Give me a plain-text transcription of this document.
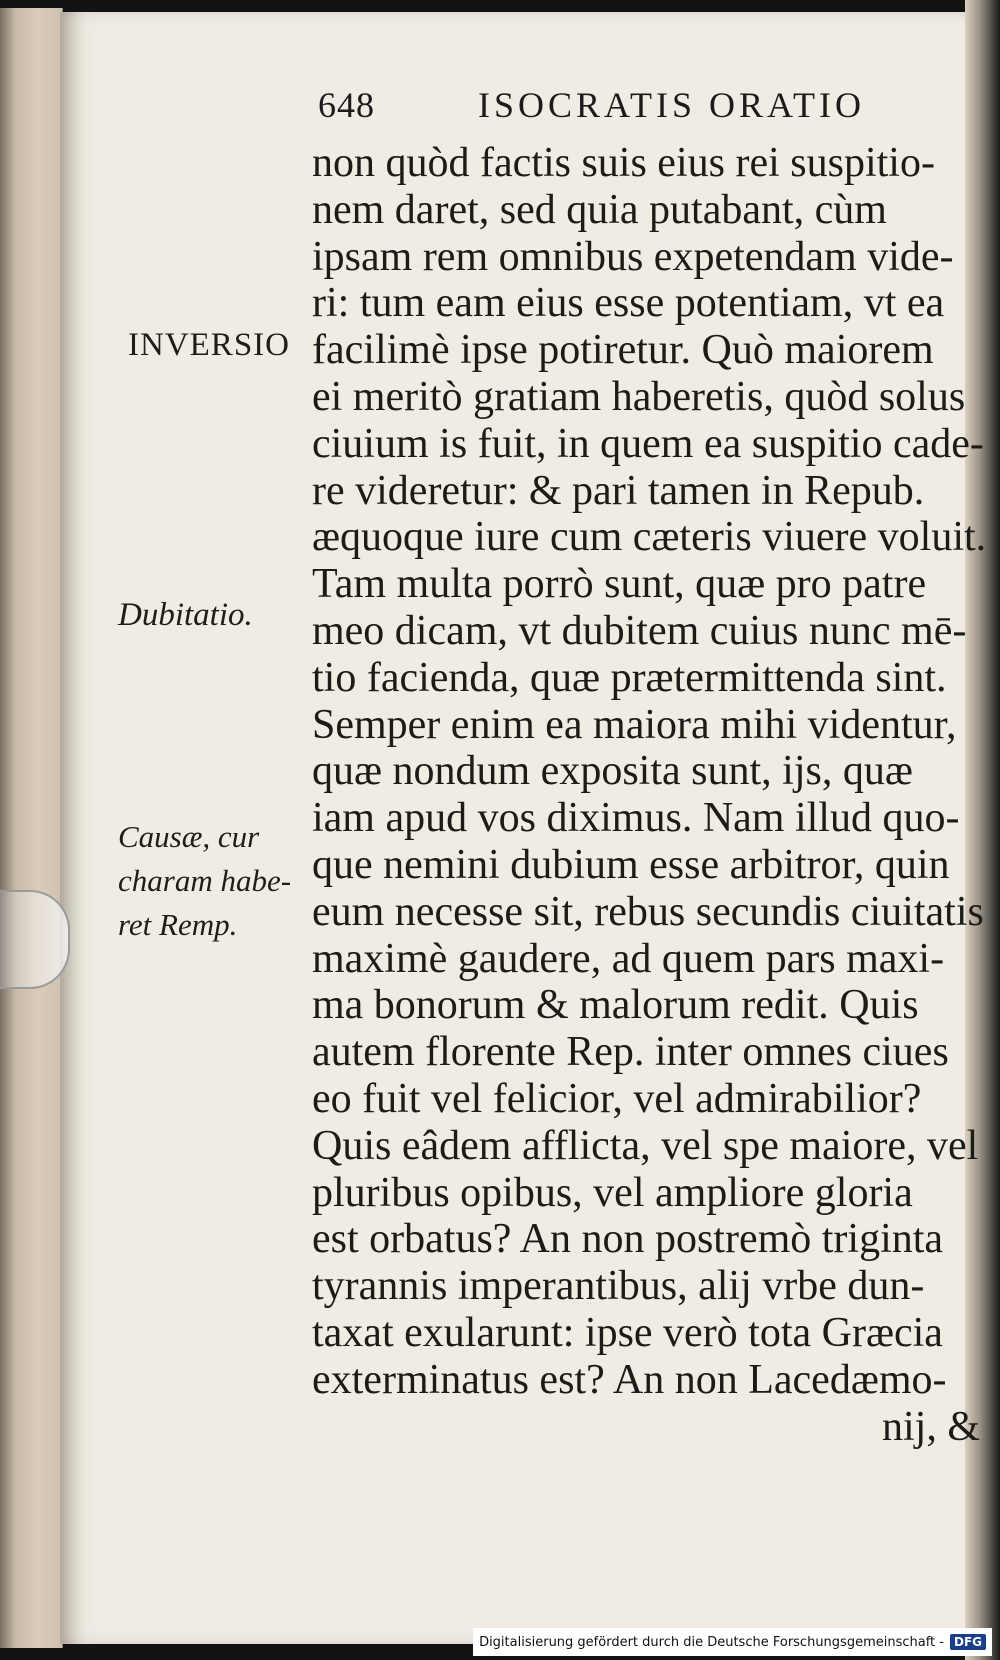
648	ISOCRATIS ORATIO
INVERSIO
Dubitatio.
Causæ, cur
charam habe-
ret Remp.
non quòd factis suis eius rei suspitio-
nem daret, sed quia putabant, cùm
ipsam rem omnibus expetendam vide-
ri: tum eam eius esse potentiam, vt ea
facilimè ipse potiretur. Quò maiorem
ei meritò gratiam haberetis, quòd solus
ciuium is fuit, in quem ea suspitio cade-
re videretur: & pari tamen in Repub.
æquoque iure cum cæteris viuere voluit.
Tam multa porrò sunt, quæ pro patre
meo dicam, vt dubitem cuius nunc mē-
tio facienda, quæ prætermittenda sint.
Semper enim ea maiora mihi videntur,
quæ nondum exposita sunt, ijs, quæ
iam apud vos diximus. Nam illud quo-
que nemini dubium esse arbitror, quin
eum necesse sit, rebus secundis ciuitatis
maximè gaudere, ad quem pars maxi-
ma bonorum & malorum redit. Quis
autem florente Rep. inter omnes ciues
eo fuit vel felicior, vel admirabilior?
Quis eâdem afflicta, vel spe maiore, vel
pluribus opibus, vel ampliore gloria
est orbatus? An non postremò triginta
tyrannis imperantibus, alij vrbe dun-
taxat exularunt: ipse verò tota Græcia
exterminatus est? An non Lacedæmo-
nij, &
Digitalisierung gefördert durch die Deutsche Forschungsgemeinschaft - DFG
